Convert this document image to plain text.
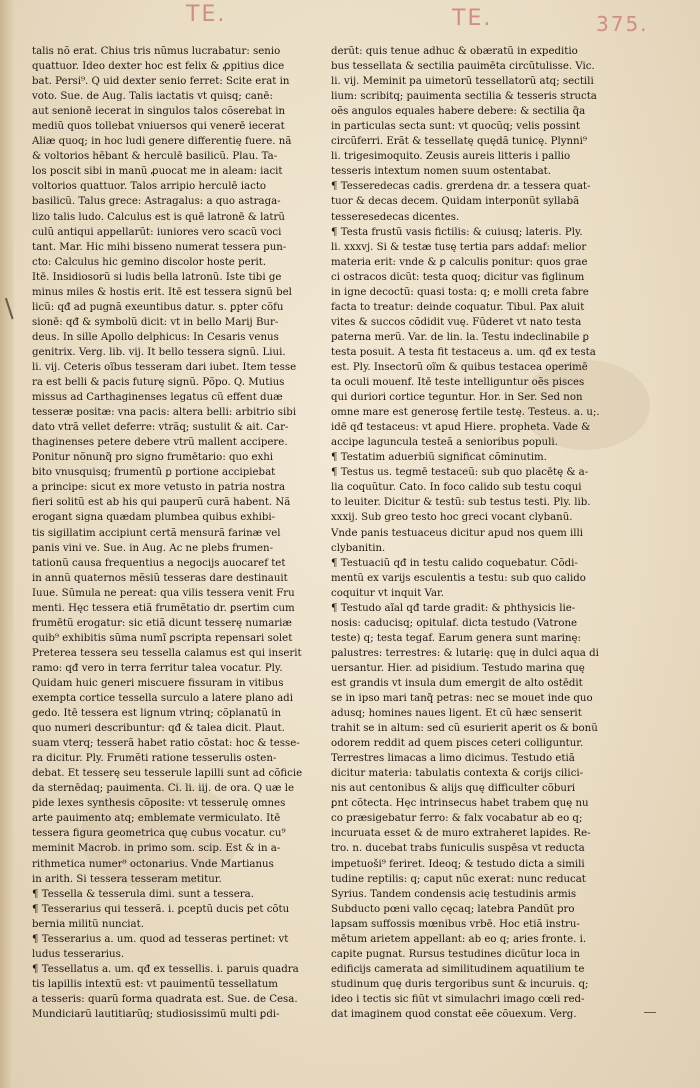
TE.	TE.	375.
talis nõ erat. Chius tris nũmus lucrabatur: senio
quattuor. Ideo dexter hoc est felix & ꝓpitius dice
bat. Persi⁹. Q uid dexter senio ferret: Scite erat in
voto. Sue. de Aug. Talis iactatis vt quisq; canē:
aut senionē iecerat in singulos talos cõserebat in
mediũ quos tollebat vniuersos qui venerē iecerat
Aliæ quoq; in hoc ludi genere differentię fuere. nã
& voltorios hēbant & herculē basilicũ. Plau. Ta-
los poscit sibi in manũ ꝓuocat me in aleam: iacit
voltorios quattuor. Talos arripio herculē iacto
basilicũ. Talus grece: Astragalus: a quo astraga-
lizo talis ludo. Calculus est is quē latronē & latrũ
culũ antiqui appellarũt: iuniores vero scacũ voci
tant. Mar. Hic mihi bisseno numerat tessera pun-
cto: Calculus hic gemino discolor hoste perit.
Itē. Insidiosorũ si ludis bella latronũ. Iste tibi ge
minus miles & hostis erit. Itē est tessera signũ bel
licũ: qđ ad pugnã exeuntibus datur. s. ꝑpter cõfu
sionē: qđ & symbolũ dicit: vt in bello Marij Bur-
deus. In sille Apollo delphicus: In Cesaris venus
genitrix. Verg. lib. vij. It bello tessera signũ. Liui.
li. vij. Ceteris oĩbus tesseram dari iubet. Item tesse
ra est belli & pacis futurę signũ. Põpo. Q. Mutius
missus ad Carthaginenses legatus cũ effent duæ
tesseræ positæ: vna pacis: altera belli: arbitrio sibi
dato vtrã vellet deferre: vtrãq; sustulit & ait. Car-
thaginenses petere debere vtrũ mallent accipere.
Ponitur nõnunq̃ pro signo frumētario: quo exhi
bito vnusquisq; frumentũ ꝑ portione accipiebat
a principe: sicut ex more vetusto in patria nostra
fieri solitũ est ab his qui pauperũ curã habent. Nã
erogant signa quædam plumbea quibus exhibi-
tis sigillatim accipiunt certã mensurã farinæ vel
panis vini ve. Sue. in Aug. Ac ne plebs frumen-
tationũ causa frequentius a negocijs auocaref tet
in annũ quaternos mẽsiũ tesseras dare destinauit
Iuue. Sũmula ne pereat: qua vilis tessera venit Fru
menti. Hęc tessera etiã frumẽtatio dr. ꝑsertim cum
frumētũ erogatur: sic etiã dicunt tesserę numariæ
quib⁹ exhibitis sũma numĩ ꝑscripta repensari solet
Preterea tessera seu tessella calamus est qui inserit
ramo: qđ vero in terra ferritur talea vocatur. Ply.
Quidam huic generi miscuere fissuram in vitibus
exempta cortice tessella surculo a latere plano adi
gedo. Itē tessera est lignum vtrinq; cõplanatũ in
quo numeri describuntur: qđ & talea dicit. Plaut.
suam vterq; tesserã habet ratio cõstat: hoc & tesse-
ra dicitur. Ply. Frumẽti ratione tesserulis osten-
debat. Et tesserę seu tesserule lapilli sunt ad cõficie
da sternēdaq; pauimenta. Ci. li. iij. de ora. Q uæ le
pide lexes synthesis cõposite: vt tesserulę omnes
arte pauimento atq; emblemate vermiculato. Itē
tessera figura geometrica quę cubus vocatur. cu⁹
meminit Macrob. in primo som. scip. Est & in a-
rithmetica numer⁹ octonarius. Vnde Martianus
in arith. Si tessera tesseram metitur.
¶ Tessella & tesserula dimi. sunt a tessera.
¶ Tesserarius qui tesserã. i. ꝑceptũ ducis pet cõtu
bernia militũ nunciat.
¶ Tesserarius a. um. quod ad tesseras pertinet: vt
ludus tesserarius.
¶ Tessellatus a. um. qđ ex tessellis. i. paruis quadra
tis lapillis intextũ est: vt pauimentũ tessellatum
a tesseris: quarũ forma quadrata est. Sue. de Cesa.
Mundiciarũ lautitiarũq; studiosissimũ multi ꝑdi-
derũt: quis tenue adhuc & obæratũ in expeditio
bus tessellata & sectilia pauimēta circũtulisse. Vic.
li. vij. Meminit pa uimetorũ tessellatorũ atq; sectili
lium: scribitq; pauimenta sectilia & tesseris structa
oẽs angulos equales habere debere: & sectilia q̃a
in particulas secta sunt: vt quocũq; velis possint
circũferri. Erãt & tessellatę quędã tunicę. Plynni⁹
li. trigesimoquito. Zeusis aureis litteris i pallio
tesseris intextum nomen suum ostentabat.
¶ Tesseredecas cadis. grerdena dr. a tessera quat-
tuor & decas decem. Quidam interponũt syllabã
tesseresedecas dicentes.
¶ Testa frustũ vasis fictilis: & cuiusq; lateris. Ply.
li. xxxvj. Si & testæ tusę tertia pars addaf: melior
materia erit: vnde & ꝑ calculis ponitur: quos grae
ci ostracos dicũt: testa quoq; dicitur vas figlinum
in igne decoctũ: quasi tosta: q; e molli creta fabre
facta to treatur: deinde coquatur. Tibul. Pax aluit
vites & succos cõdidit vuę. Fũderet vt nato testa
paterna merũ. Var. de lin. la. Testu indeclinabile ꝑ
testa posuit. A testa fit testaceus a. um. qđ ex testa
est. Ply. Insectorũ oĩm & quibus testacea operimē
ta oculi mouenf. Itē teste intelliguntur oẽs pisces
qui duriori cortice teguntur. Hor. in Ser. Sed non
omne mare est generosę fertile testę. Testeus. a. u;.
idē qđ testaceus: vt apud Hiere. propheta. Vade &
accipe laguncula testeã a senioribus populi.
¶ Testatim aduerbiũ significat cõminutim.
¶ Testus us. tegmē testaceũ: sub quo placētę & a-
lia coquũtur. Cato. In foco calido sub testu coqui
to leuiter. Dicitur & testũ: sub testus testi. Ply. lib.
xxxij. Sub greo testo hoc greci vocant clybanũ.
Vnde panis testuaceus dicitur apud nos quem illi
clybanitin.
¶ Testuaciũ qđ in testu calido coquebatur. Cõdi-
mentũ ex varijs esculentis a testu: sub quo calido
coquitur vt inquit Var.
¶ Testudo aĩal qđ tarde gradit: & phthysicis lie-
nosis: caducisq; opitulaf. dicta testudo (Vatrone
teste) q; testa tegaf. Earum genera sunt marinę:
palustres: terrestres: & lutarię: quę in dulci aqua di
uersantur. Hier. ad pisidium. Testudo marina quę
est grandis vt insula dum emergit de alto ostēdit
se in ipso mari tanq̃ petras: nec se mouet inde quo
adusq; homines naues ligent. Et cũ hæc senserit
trahit se in altum: sed cũ esurierit aperit os & bonũ
odorem reddit ad quem pisces ceteri colliguntur.
Terrestres limacas a limo dicimus. Testudo etiã
dicitur materia: tabulatis contexta & corijs cilici-
nis aut centonibus & alijs quę difficulter cõburi
ꝑnt cõtecta. Hęc intrinsecus habet trabem quę nu
co præsigebatur ferro: & falx vocabatur ab eo q;
incuruata esset & de muro extraheret lapides. Re-
tro. n. ducebat trabs funiculis suspēsa vt reducta
impetuoši⁹ feriret. Ideoq; & testudo dicta a simili
tudine reptilis: q; caput nũc exerat: nunc reducat
Syrius. Tandem condensis acię testudinis armis
Subducto pœni vallo cęcaq; latebra Pandũt pro
lapsam suffossis mœnibus vrbē. Hoc etiã instru-
mētum arietem appellant: ab eo q; aries fronte. i.
capite pugnat. Rursus testudines dicũtur loca in
edificijs camerata ad similitudinem aquatilium te
studinum quę duris tergoribus sunt & incuruis. q;
ideo i tectis sic fiũt vt simulachri imago cœli red-
dat imaginem quod constat eẽe cõuexum. Verg.
